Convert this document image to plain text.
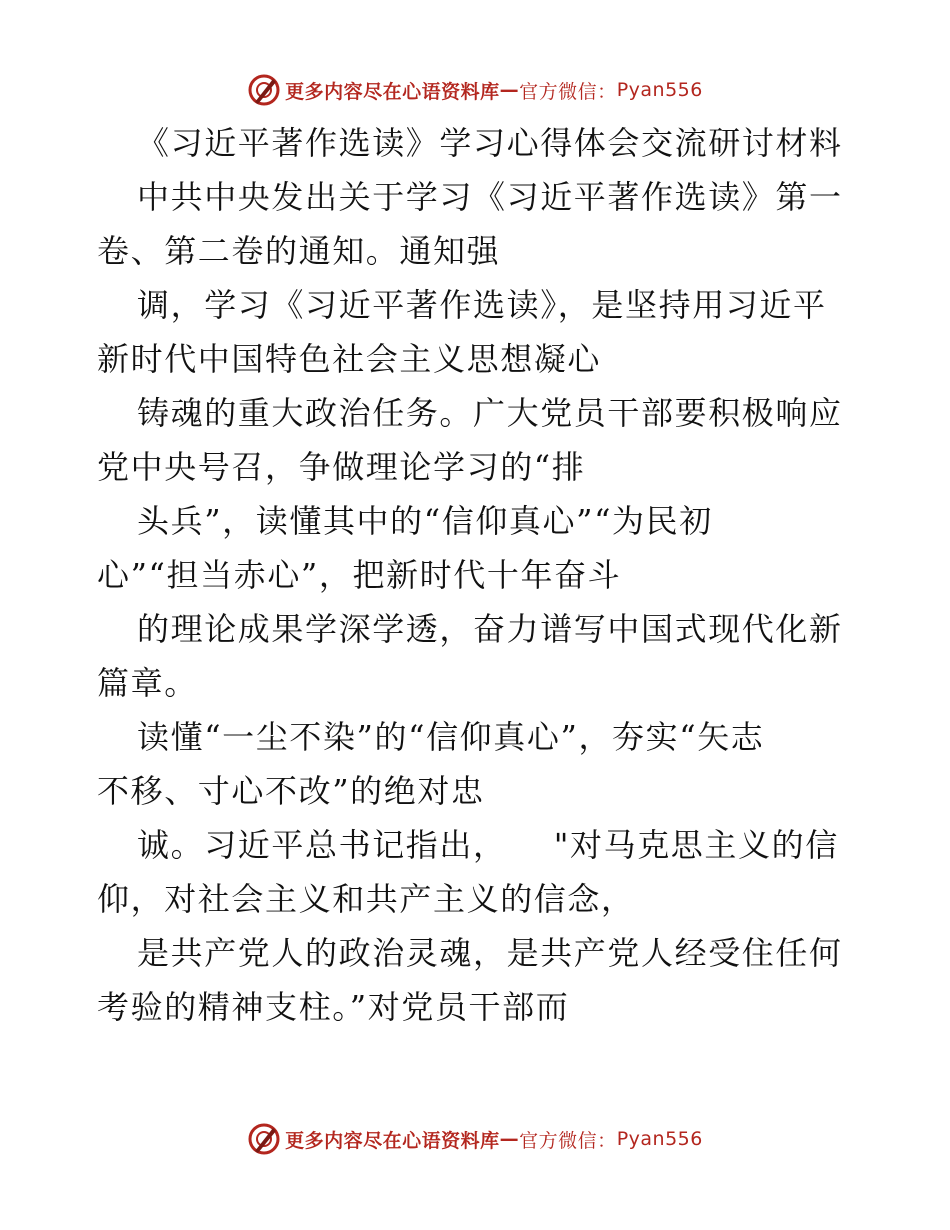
更多内容尽在心语资料库 — 官方微信： Pyan556
《习近平著作选读》学习心得体会交流研讨材料
中共中央发出关于学习《习近平著作选读》第一
卷、第二卷的通知。通知强
调，学习《习近平著作选读》，是坚持用习近平
新时代中国特色社会主义思想凝心
铸魂的重大政治任务。广大党员干部要积极响应
党中央号召，争做理论学习的“排
头兵”，读懂其中的“信仰真心”“为民初
心”“担当赤心”，把新时代十年奋斗
的理论成果学深学透，奋力谱写中国式现代化新
篇章。
读懂“一尘不染”的“信仰真心”，夯实“矢志
不移、寸心不改”的绝对忠
诚。习近平总书记指出，    "对马克思主义的信
仰，对社会主义和共产主义的信念，
是共产党人的政治灵魂，是共产党人经受住任何
考验的精神支柱。”对党员干部而
更多内容尽在心语资料库 — 官方微信： Pyan556
